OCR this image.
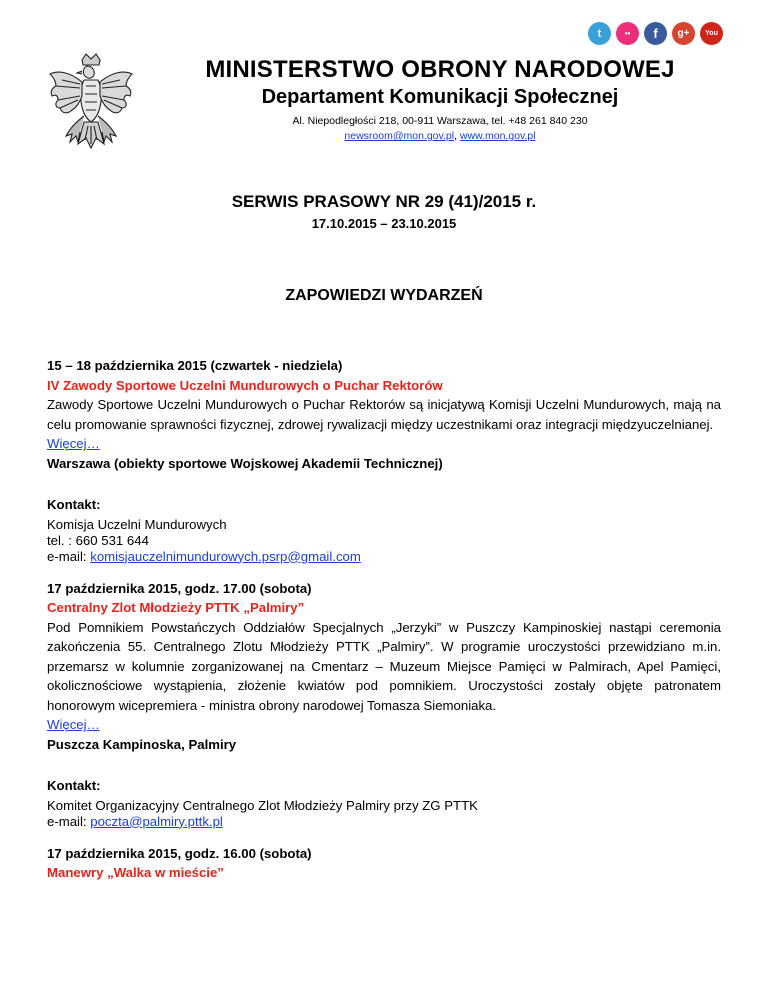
t	••	f	g+	You
MINISTERSTWO OBRONY NARODOWEJ
Departament Komunikacji Społecznej
Al. Niepodległości 218, 00-911 Warszawa, tel. +48 261 840 230
newsroom@mon.gov.pl, www.mon.gov.pl
SERWIS PRASOWY NR 29 (41)/2015 r.
17.10.2015 – 23.10.2015
ZAPOWIEDZI WYDARZEŃ

15 – 18 października 2015 (czwartek - niedziela)

IV Zawody Sportowe Uczelni Mundurowych o Puchar Rektorów

Zawody Sportowe Uczelni Mundurowych o Puchar Rektorów są inicjatywą Komisji Uczelni Mundurowych, mają na celu promowanie sprawności fizycznej, zdrowej rywalizacji między uczestnikami oraz integracji międzyuczelnianej.

Więcej…

Warszawa (obiekty sportowe Wojskowej Akademii Technicznej)

Kontakt:

Komisja Uczelni Mundurowych

tel. : 660 531 644

e-mail: komisjauczelnimundurowych.psrp@gmail.com

17 października 2015, godz. 17.00 (sobota)

Centralny Zlot Młodzieży PTTK „Palmiry”

Pod Pomnikiem Powstańczych Oddziałów Specjalnych „Jerzyki” w Puszczy Kampinoskiej nastąpi ceremonia zakończenia 55. Centralnego Zlotu Młodzieży PTTK „Palmiry”. W programie uroczystości przewidziano m.in. przemarsz w kolumnie zorganizowanej na Cmentarz – Muzeum Miejsce Pamięci w Palmirach, Apel Pamięci, okolicznościowe wystąpienia, złożenie kwiatów pod pomnikiem. Uroczystości zostały objęte patronatem honorowym wicepremiera - ministra obrony narodowej Tomasza Siemoniaka.

Więcej…

Puszcza Kampinoska, Palmiry

Kontakt:

Komitet Organizacyjny Centralnego Zlot Młodzieży Palmiry przy ZG PTTK

e-mail: poczta@palmiry.pttk.pl

17 października 2015, godz. 16.00 (sobota)

Manewry „Walka w mieście”
